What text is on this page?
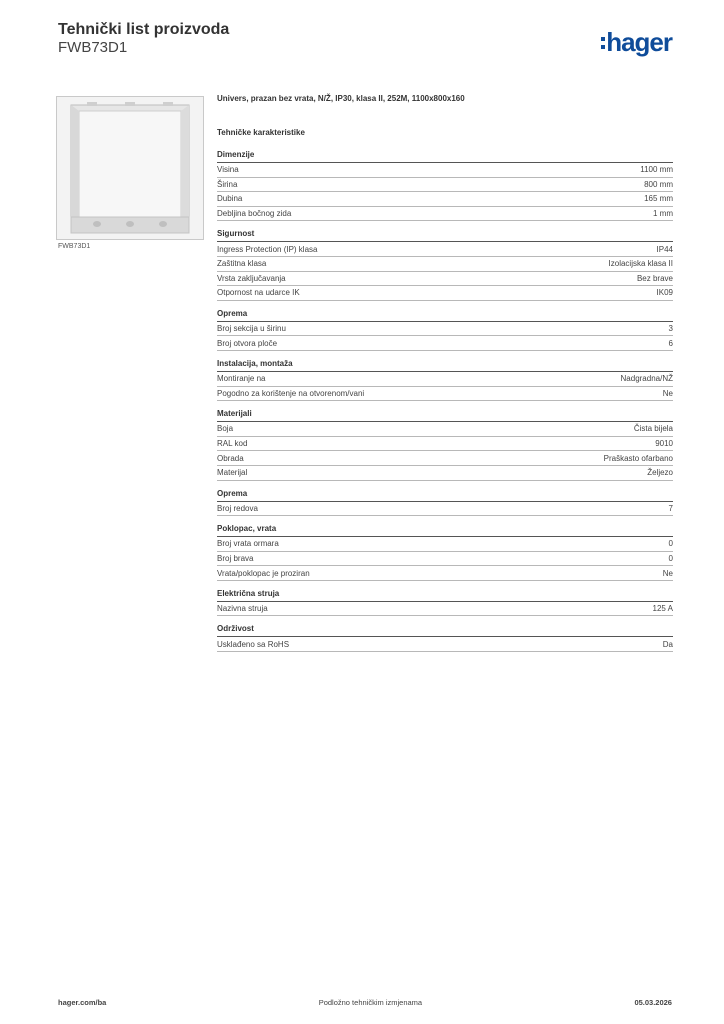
Tehnički list proizvoda
FWB73D1	hager
FWB73D1
Univers, prazan bez vrata, N/Ž, IP30, klasa II, 252M, 1100x800x160
Tehničke karakteristike
Dimenzije
Visina	1100 mm
Širina	800 mm
Dubina	165 mm
Debljina bočnog zida	1 mm
Sigurnost
Ingress Protection (IP) klasa	IP44
Zaštitna klasa	Izolacijska klasa II
Vrsta zaključavanja	Bez brave
Otpornost na udarce IK	IK09
Oprema
Broj sekcija u širinu	3
Broj otvora ploče	6
Instalacija, montaža
Montiranje na	Nadgradna/NŽ
Pogodno za korištenje na otvorenom/vani	Ne
Materijali
Boja	Čista bijela
RAL kod	9010
Obrada	Praškasto ofarbano
Materijal	Željezo
Oprema
Broj redova	7
Poklopac, vrata
Broj vrata ormara	0
Broj brava	0
Vrata/poklopac je proziran	Ne
Električna struja
Nazivna struja	125 A
Održivost
Usklađeno sa RoHS	Da
hager.com/ba	Podložno tehničkim izmjenama	05.03.2026
